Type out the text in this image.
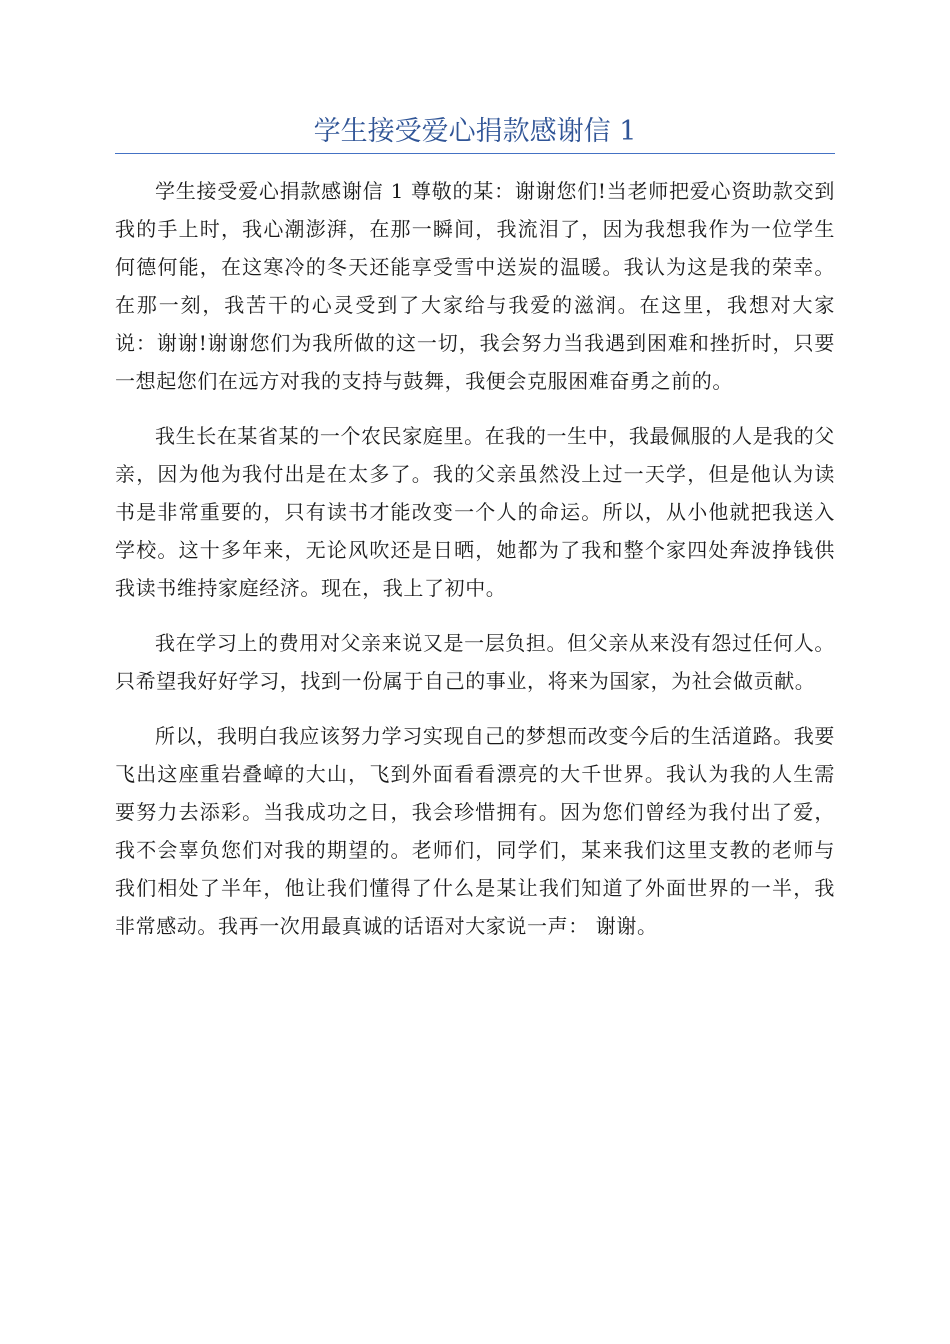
学生接受爱心捐款感谢信 1

学生接受爱心捐款感谢信 1 尊敬的某：谢谢您们!当老师把爱心资助款交到我的手上时，我心潮澎湃，在那一瞬间，我流泪了，因为我想我作为一位学生何德何能，在这寒冷的冬天还能享受雪中送炭的温暖。我认为这是我的荣幸。在那一刻，我苦干的心灵受到了大家给与我爱的滋润。在这里，我想对大家说：谢谢!谢谢您们为我所做的这一切，我会努力当我遇到困难和挫折时，只要一想起您们在远方对我的支持与鼓舞，我便会克服困难奋勇之前的。

我生长在某省某的一个农民家庭里。在我的一生中，我最佩服的人是我的父亲，因为他为我付出是在太多了。我的父亲虽然没上过一天学，但是他认为读书是非常重要的，只有读书才能改变一个人的命运。所以，从小他就把我送入学校。这十多年来，无论风吹还是日晒，她都为了我和整个家四处奔波挣钱供我读书维持家庭经济。现在，我上了初中。

我在学习上的费用对父亲来说又是一层负担。但父亲从来没有怨过任何人。只希望我好好学习，找到一份属于自己的事业，将来为国家，为社会做贡献。

所以，我明白我应该努力学习实现自己的梦想而改变今后的生活道路。我要飞出这座重岩叠嶂的大山，飞到外面看看漂亮的大千世界。我认为我的人生需要努力去添彩。当我成功之日，我会珍惜拥有。因为您们曾经为我付出了爱，我不会辜负您们对我的期望的。老师们，同学们，某来我们这里支教的老师与我们相处了半年，他让我们懂得了什么是某让我们知道了外面世界的一半，我非常感动。我再一次用最真诚的话语对大家说一声： 谢谢。
